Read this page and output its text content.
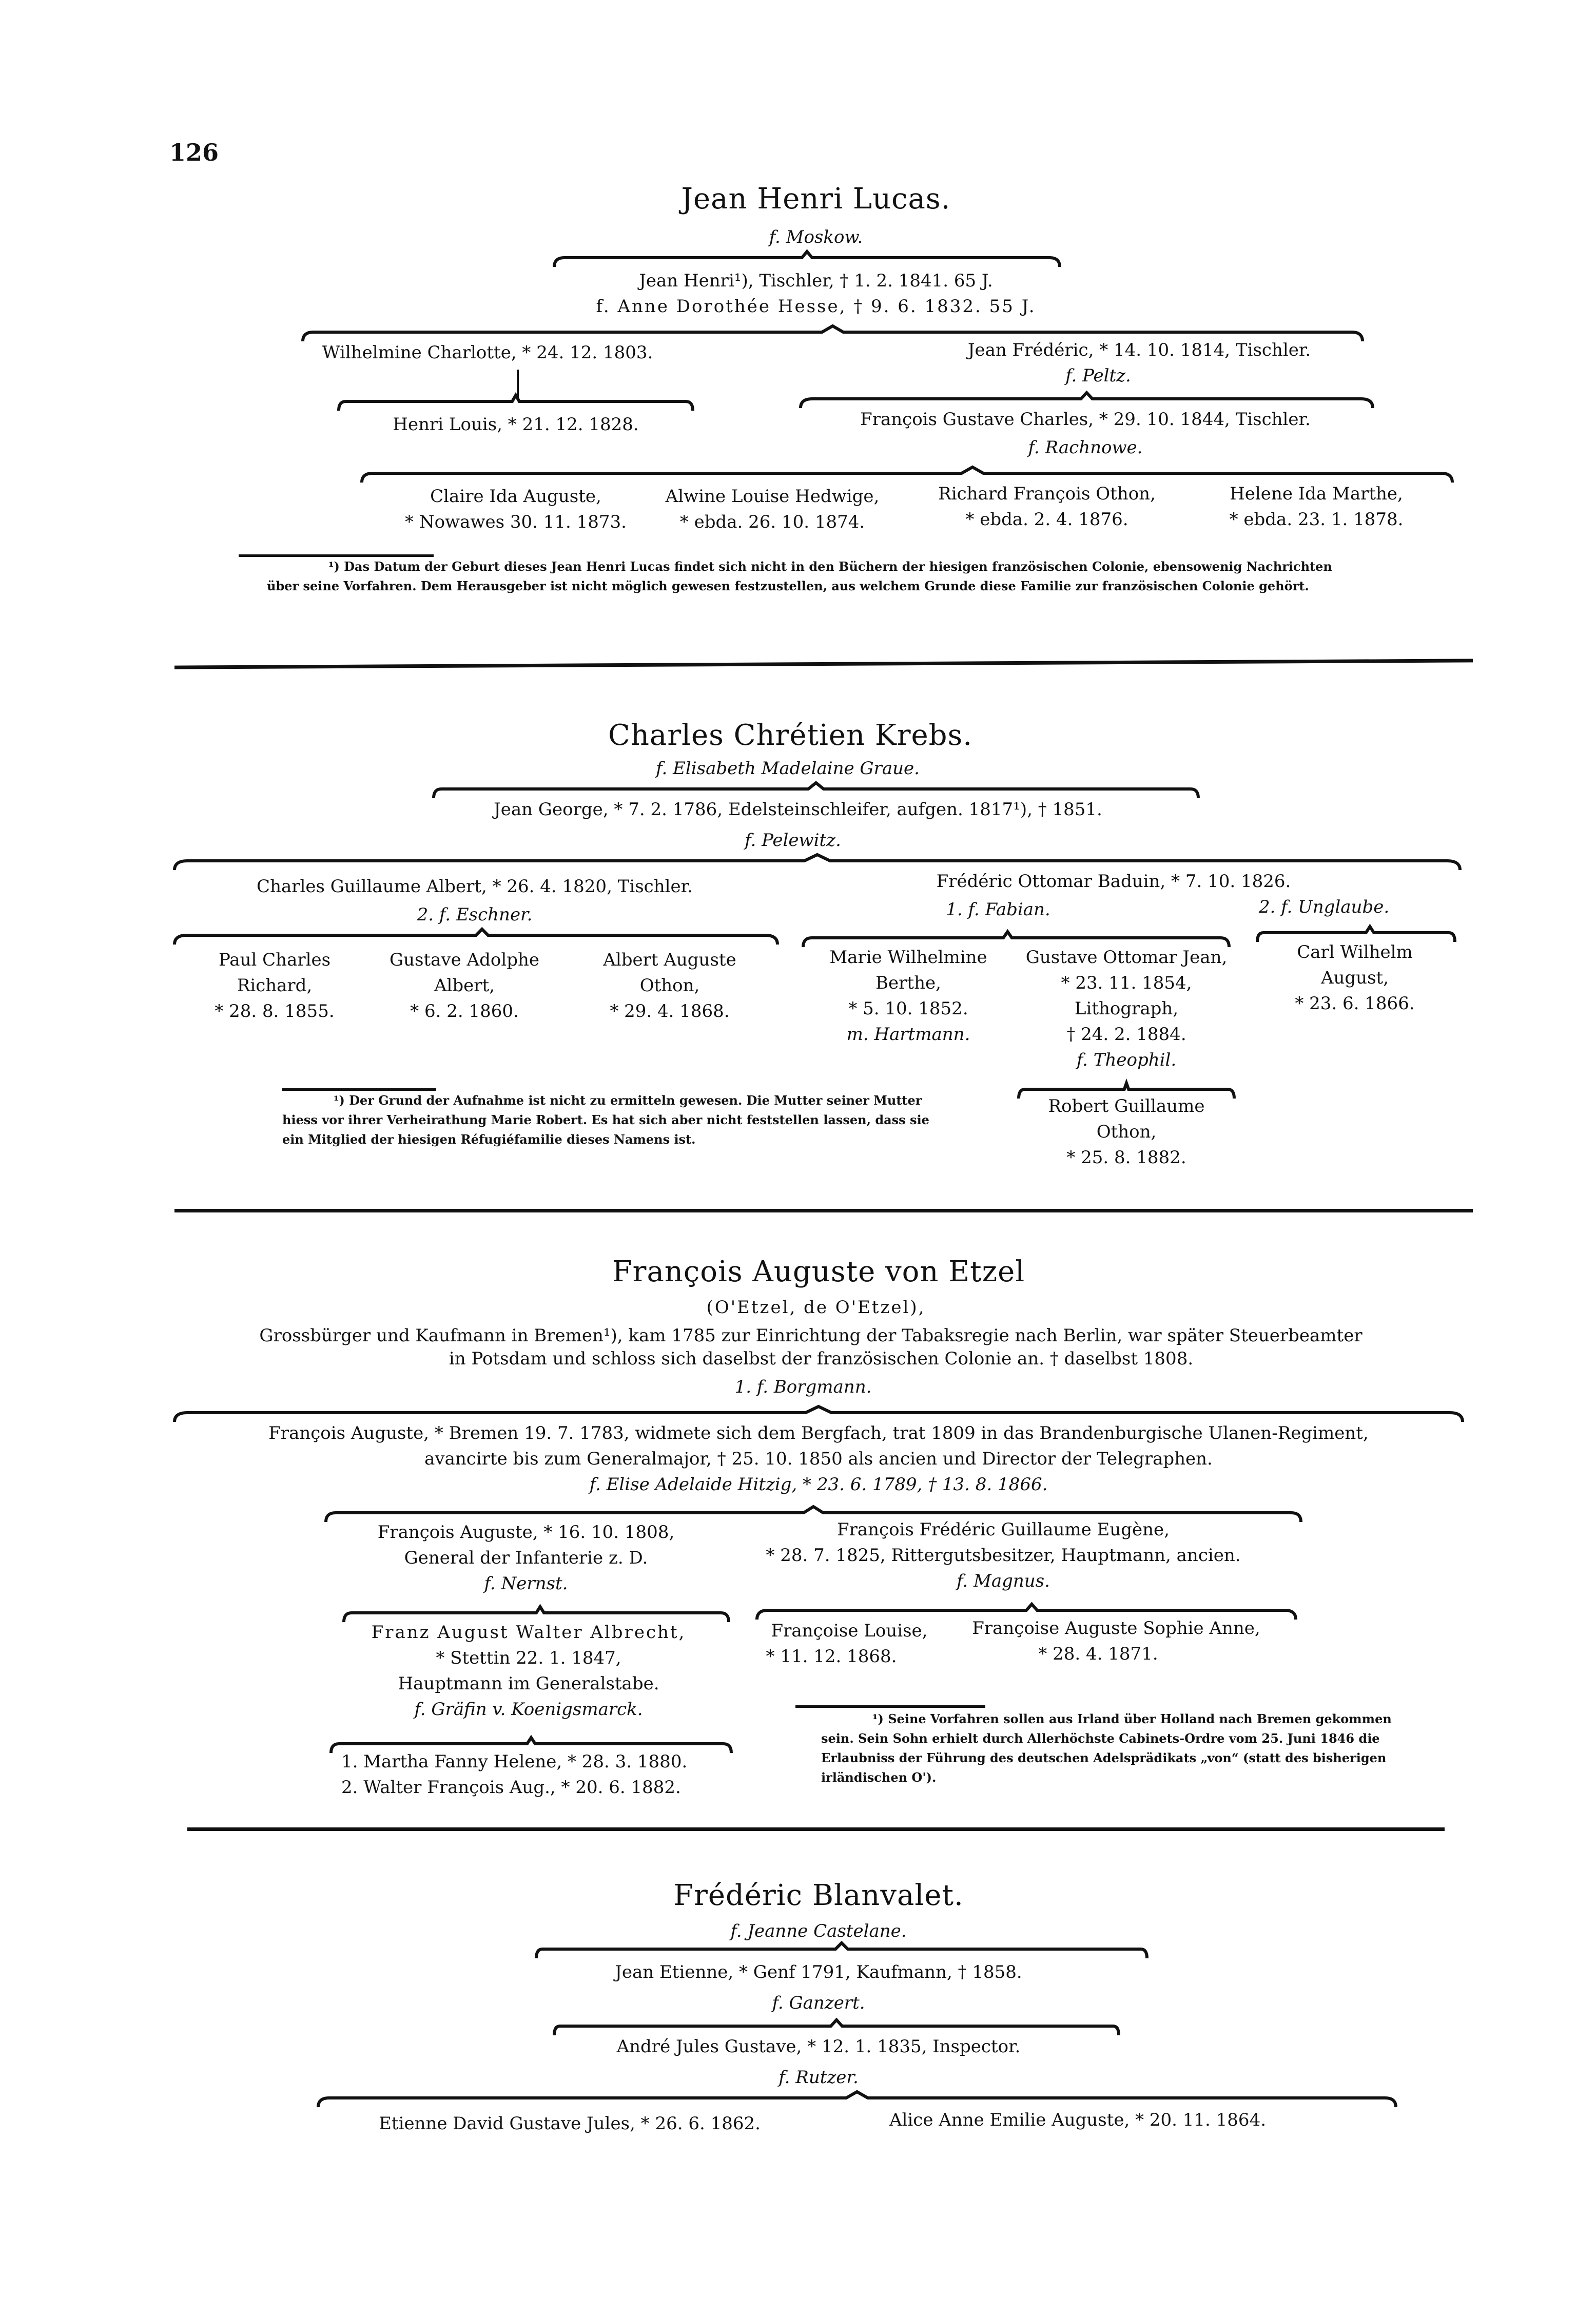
126
Jean Henri Lucas.
f. Moskow.
Jean Henri¹), Tischler, † 1. 2. 1841. 65 J.
f. Anne Dorothée Hesse, † 9. 6. 1832. 55 J.
Wilhelmine Charlotte, * 24. 12. 1803.	Jean Frédéric, * 14. 10. 1814, Tischler.
f. Peltz.
Henri Louis, * 21. 12. 1828.	François Gustave Charles, * 29. 10. 1844, Tischler.
f. Rachnowe.
Claire Ida Auguste,
* Nowawes 30. 11. 1873.
Alwine Louise Hedwige,
* ebda. 26. 10. 1874.
Richard François Othon,
* ebda. 2. 4. 1876.
Helene Ida Marthe,
* ebda. 23. 1. 1878.
¹) Das Datum der Geburt dieses Jean Henri Lucas findet sich nicht in den Büchern der hiesigen französischen Colonie, ebensowenig Nachrichten über seine Vorfahren. Dem Herausgeber ist nicht möglich gewesen festzustellen, aus welchem Grunde diese Familie zur französischen Colonie gehört.
Charles Chrétien Krebs.
f. Elisabeth Madelaine Graue.
Jean George, * 7. 2. 1786, Edelsteinschleifer, aufgen. 1817¹), † 1851.
f. Pelewitz.
Charles Guillaume Albert, * 26. 4. 1820, Tischler.
2. f. Eschner.
Frédéric Ottomar Baduin, * 7. 10. 1826.
1. f. Fabian.	2. f. Unglaube.
Paul Charles
Richard,
* 28. 8. 1855.
Gustave Adolphe
Albert,
* 6. 2. 1860.
Albert Auguste
Othon,
* 29. 4. 1868.
Marie Wilhelmine
Berthe,
* 5. 10. 1852.
m. Hartmann.
Gustave Ottomar Jean,
* 23. 11. 1854,
Lithograph,
† 24. 2. 1884.
f. Theophil.
Carl Wilhelm
August,
* 23. 6. 1866.
Robert Guillaume
Othon,
* 25. 8. 1882.
¹) Der Grund der Aufnahme ist nicht zu ermitteln gewesen. Die Mutter seiner Mutter hiess vor ihrer Verheirathung Marie Robert. Es hat sich aber nicht feststellen lassen, dass sie ein Mitglied der hiesigen Réfugiéfamilie dieses Namens ist.
François Auguste von Etzel
(O'Etzel, de O'Etzel),
Grossbürger und Kaufmann in Bremen¹), kam 1785 zur Einrichtung der Tabaksregie nach Berlin, war später Steuerbeamter
in Potsdam und schloss sich daselbst der französischen Colonie an. † daselbst 1808.
1. f. Borgmann.
François Auguste, * Bremen 19. 7. 1783, widmete sich dem Bergfach, trat 1809 in das Brandenburgische Ulanen-Regiment,
avancirte bis zum Generalmajor, † 25. 10. 1850 als ancien und Director der Telegraphen.
f. Elise Adelaide Hitzig, * 23. 6. 1789, † 13. 8. 1866.
François Auguste, * 16. 10. 1808,
General der Infanterie z. D.
f. Nernst.
François Frédéric Guillaume Eugène,
* 28. 7. 1825, Rittergutsbesitzer, Hauptmann, ancien.
f. Magnus.
Franz August Walter Albrecht,
* Stettin 22. 1. 1847,
Hauptmann im Generalstabe.
f. Gräfin v. Koenigsmarck.
Françoise Louise,
* 11. 12. 1868.
Françoise Auguste Sophie Anne,
* 28. 4. 1871.
1. Martha Fanny Helene, * 28. 3. 1880.
2. Walter François Aug., * 20. 6. 1882.
¹) Seine Vorfahren sollen aus Irland über Holland nach Bremen gekommen sein. Sein Sohn erhielt durch Allerhöchste Cabinets-Ordre vom 25. Juni 1846 die Erlaubniss der Führung des deutschen Adelsprädikats „von“ (statt des bisherigen irländischen O').
Frédéric Blanvalet.
f. Jeanne Castelane.
Jean Etienne, * Genf 1791, Kaufmann, † 1858.
f. Ganzert.
André Jules Gustave, * 12. 1. 1835, Inspector.
f. Rutzer.
Etienne David Gustave Jules, * 26. 6. 1862.	Alice Anne Emilie Auguste, * 20. 11. 1864.
